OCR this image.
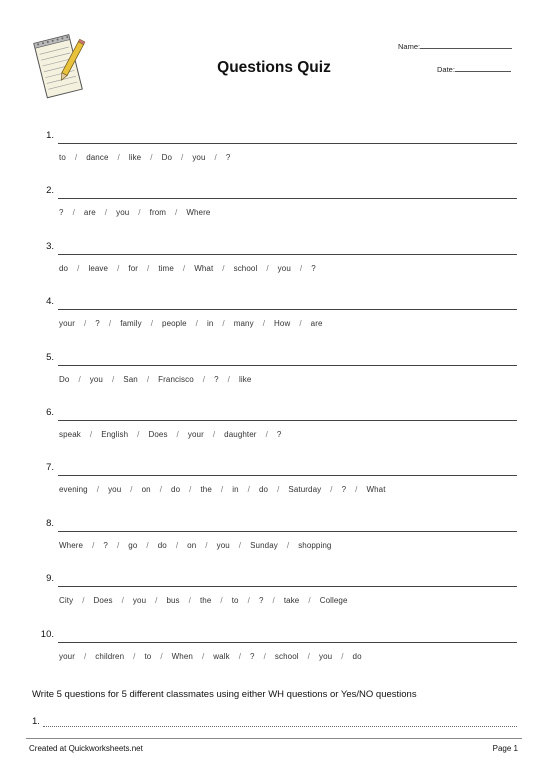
Questions Quiz
Name:
Date:
1.
to / dance / like / Do / you / ?
2.
? / are / you / from / Where
3.
do / leave / for / time / What / school / you / ?
4.
your / ? / family / people / in / many / How / are
5.
Do / you / San / Francisco / ? / like
6.
speak / English / Does / your / daughter / ?
7.
evening / you / on / do / the / in / do / Saturday / ? / What
8.
Where / ? / go / do / on / you / Sunday / shopping
9.
City / Does / you / bus / the / to / ? / take / College
10.
your / children / to / When / walk / ? / school / you / do
Write 5 questions for 5 different classmates using either WH questions or Yes/NO questions
1.
Created at Quickworksheets.net	Page 1
